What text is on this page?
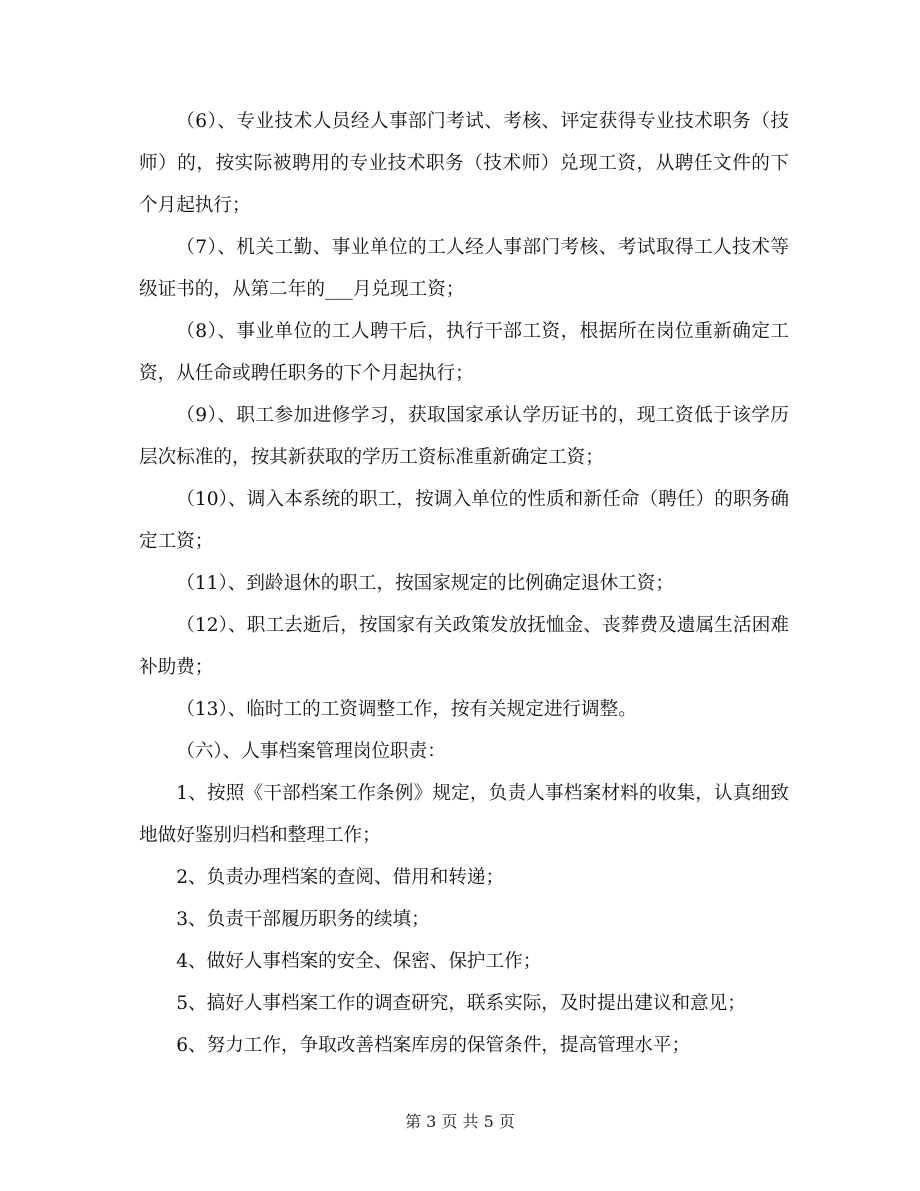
（6）、专业技术人员经人事部门考试、考核、评定获得专业技术职务（技师）的，按实际被聘用的专业技术职务（技术师）兑现工资，从聘任文件的下个月起执行；

（7）、机关工勤、事业单位的工人经人事部门考核、考试取得工人技术等级证书的，从第二年的___月兑现工资；

（8）、事业单位的工人聘干后，执行干部工资，根据所在岗位重新确定工资，从任命或聘任职务的下个月起执行；

（9）、职工参加进修学习，获取国家承认学历证书的，现工资低于该学历层次标准的，按其新获取的学历工资标准重新确定工资；

（10）、调入本系统的职工，按调入单位的性质和新任命（聘任）的职务确定工资；

（11）、到龄退休的职工，按国家规定的比例确定退休工资；

（12）、职工去逝后，按国家有关政策发放抚恤金、丧葬费及遗属生活困难补助费；

（13）、临时工的工资调整工作，按有关规定进行调整。

（六）、人事档案管理岗位职责：

1、按照《干部档案工作条例》规定，负责人事档案材料的收集，认真细致地做好鉴别归档和整理工作；

2、负责办理档案的查阅、借用和转递；

3、负责干部履历职务的续填；

4、做好人事档案的安全、保密、保护工作；

5、搞好人事档案工作的调查研究，联系实际，及时提出建议和意见；

6、努力工作，争取改善档案库房的保管条件，提高管理水平；

第 3 页 共 5 页
